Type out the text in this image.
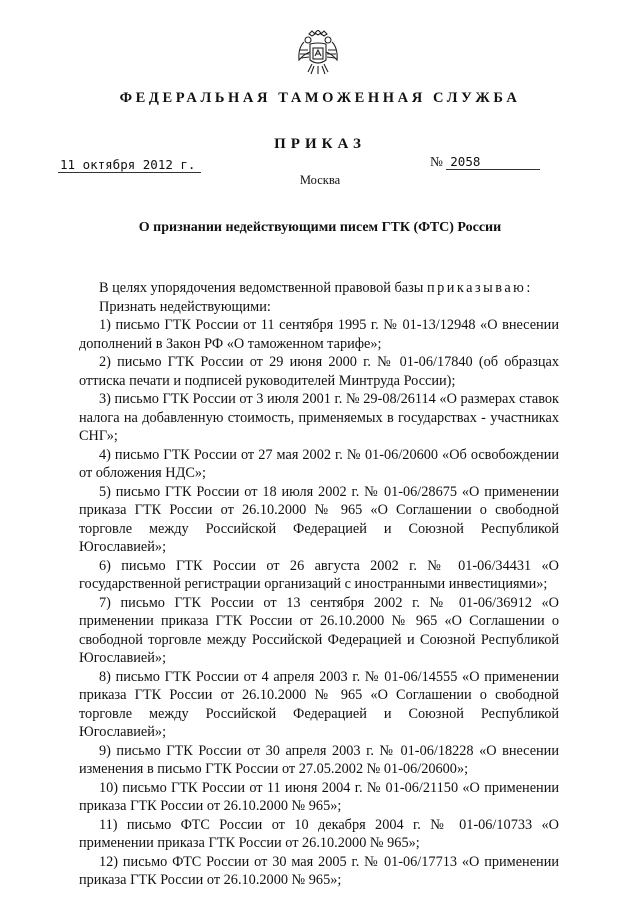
ФЕДЕРАЛЬНАЯ ТАМОЖЕННАЯ СЛУЖБА
ПРИКАЗ
11 октября 2012 г.	№ 2058
Москва
О признании недействующими писем ГТК (ФТС) России

В целях упорядочения ведомственной правовой базы приказываю:

Признать недействующими:

1) письмо ГТК России от 11 сентября 1995 г. № 01-13/12948 «О внесении дополнений в Закон РФ «О таможенном тарифе»;

2) письмо ГТК России от 29 июня 2000 г. № 01-06/17840 (об образцах оттиска печати и подписей руководителей Минтруда России);

3) письмо ГТК России от 3 июля 2001 г. № 29-08/26114 «О размерах ставок налога на добавленную стоимость, применяемых в государствах - участниках СНГ»;

4) письмо ГТК России от 27 мая 2002 г. № 01-06/20600 «Об освобождении от обложения НДС»;

5) письмо ГТК России от 18 июля 2002 г. № 01-06/28675 «О применении приказа ГТК России от 26.10.2000 № 965 «О Соглашении о свободной торговле между Российской Федерацией и Союзной Республикой Югославией»;

6) письмо ГТК России от 26 августа 2002 г. № 01-06/34431 «О государственной регистрации организаций с иностранными инвестициями»;

7) письмо ГТК России от 13 сентября 2002 г. № 01-06/36912 «О применении приказа ГТК России от 26.10.2000 № 965 «О Соглашении о свободной торговле между Российской Федерацией и Союзной Республикой Югославией»;

8) письмо ГТК России от 4 апреля 2003 г. № 01-06/14555 «О применении приказа ГТК России от 26.10.2000 № 965 «О Соглашении о свободной торговле между Российской Федерацией и Союзной Республикой Югославией»;

9) письмо ГТК России от 30 апреля 2003 г. № 01-06/18228 «О внесении изменения в письмо ГТК России от 27.05.2002 № 01-06/20600»;

10) письмо ГТК России от 11 июня 2004 г. № 01-06/21150 «О применении приказа ГТК России от 26.10.2000 № 965»;

11) письмо ФТС России от 10 декабря 2004 г. № 01-06/10733 «О применении приказа ГТК России от 26.10.2000 № 965»;

12) письмо ФТС России от 30 мая 2005 г. № 01-06/17713 «О применении приказа ГТК России от 26.10.2000 № 965»;
